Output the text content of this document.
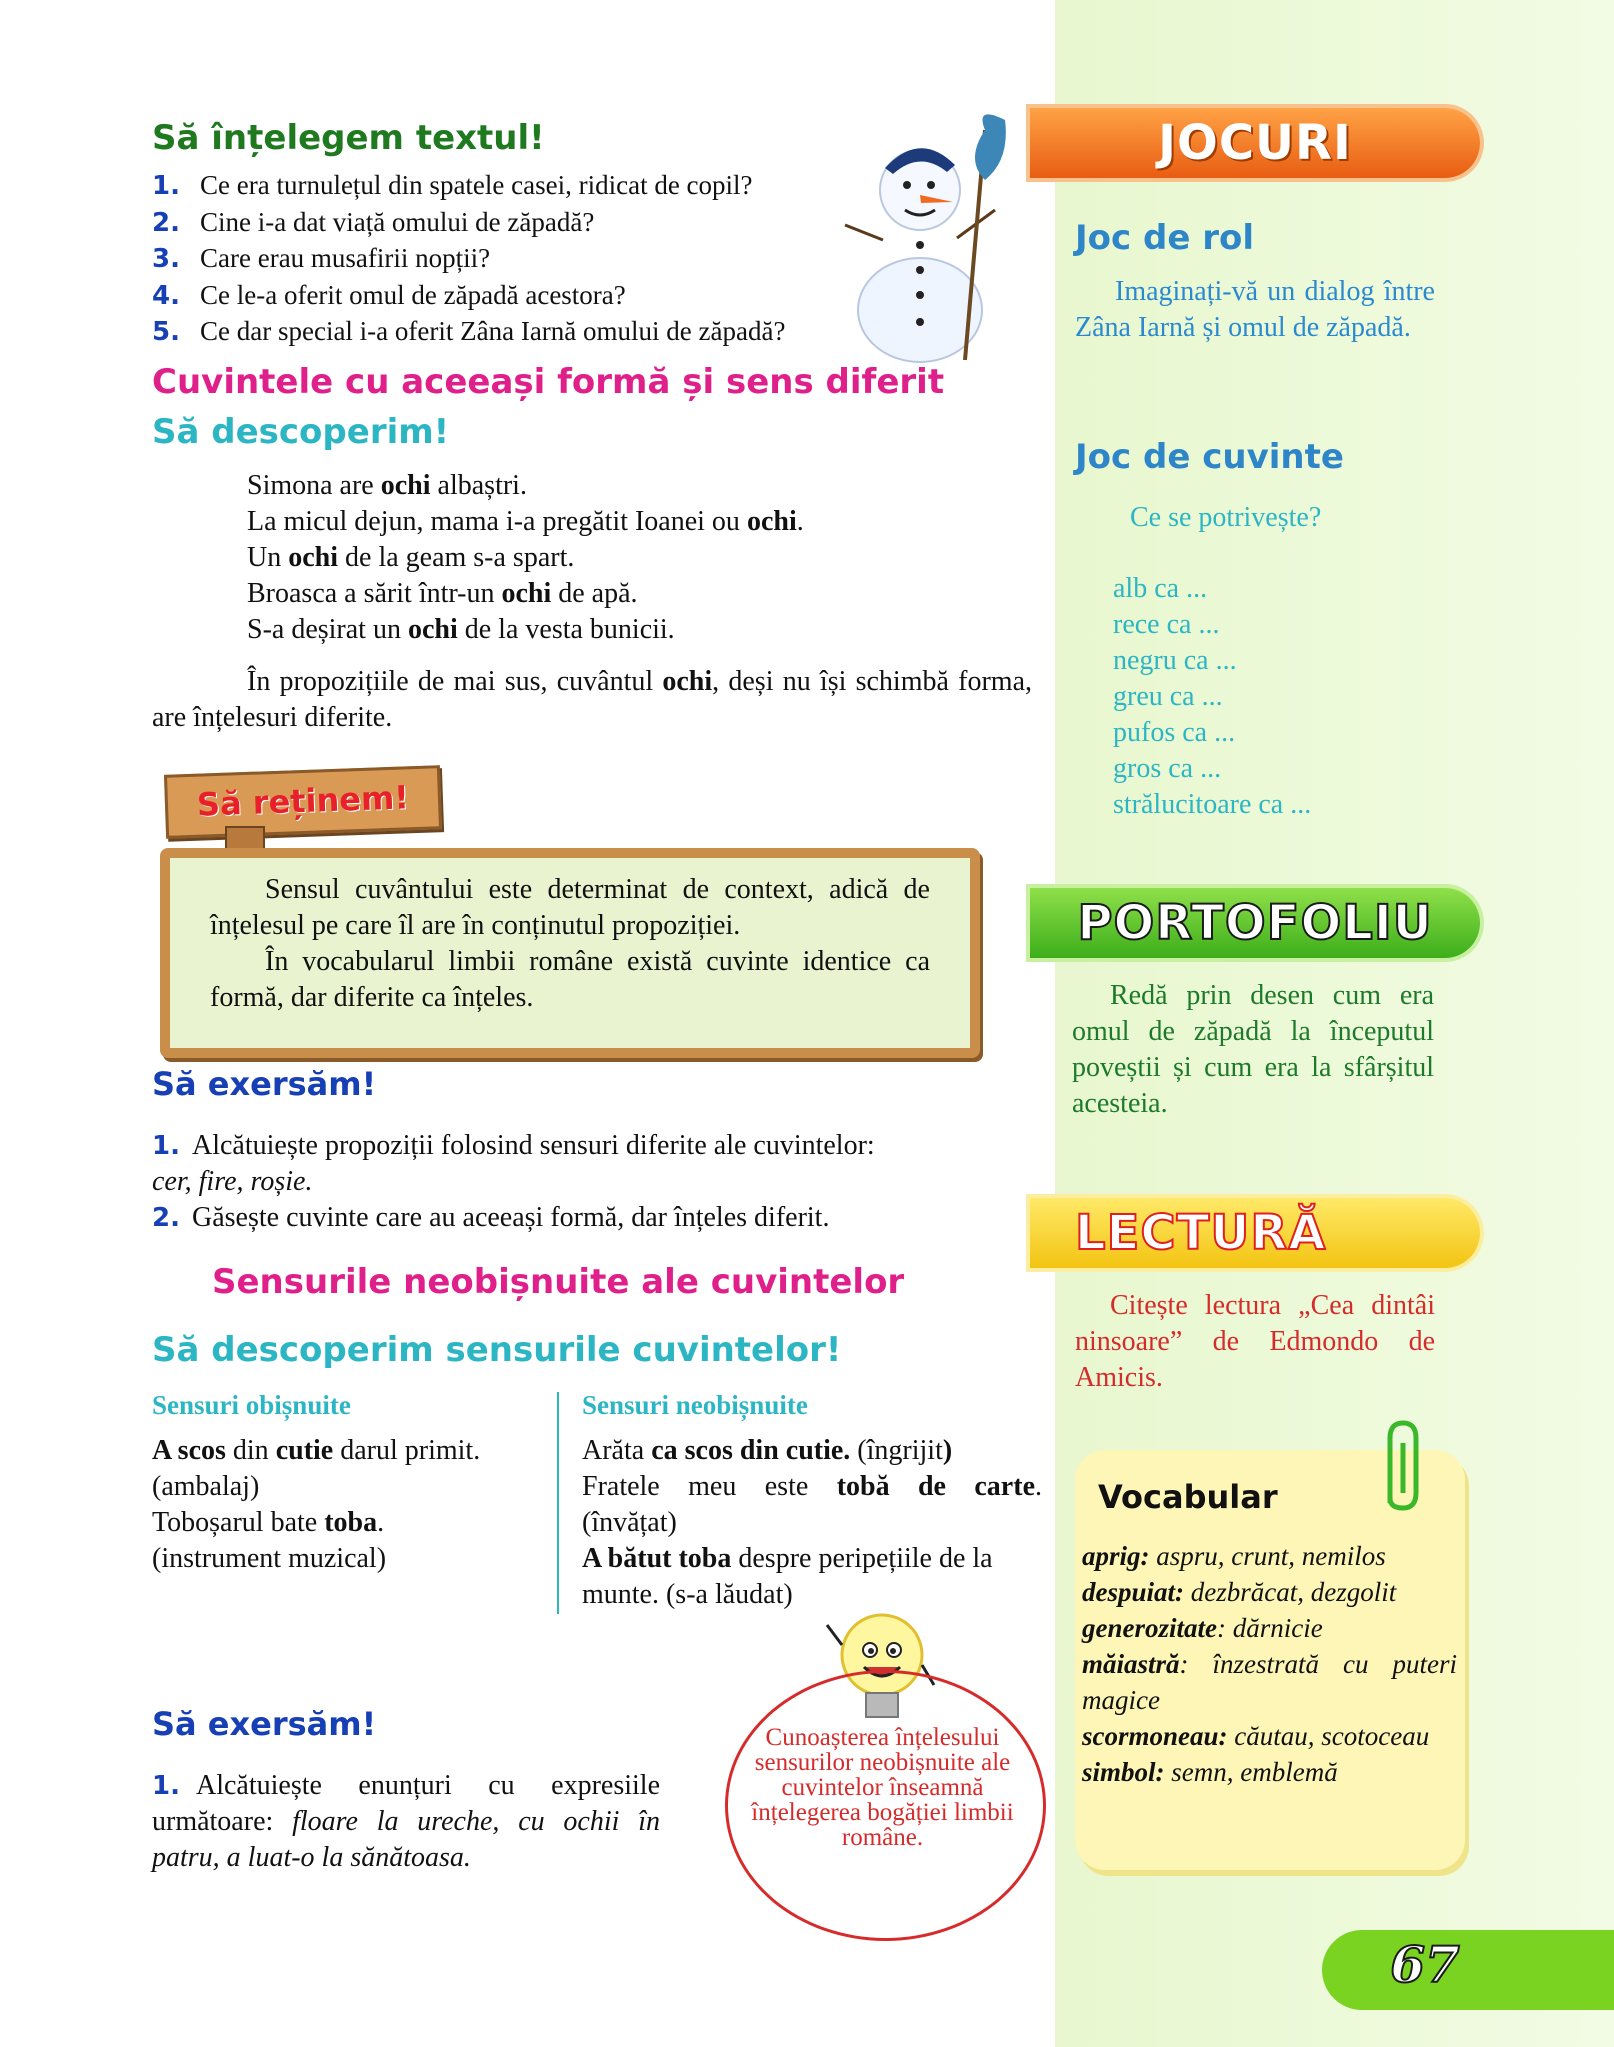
Să înțelegem textul!
1. Ce era turnulețul din spatele casei, ridicat de copil?
2. Cine i-a dat viață omului de zăpadă?
3. Care erau musafirii nopții?
4. Ce le-a oferit omul de zăpadă acestora?
5. Ce dar special i-a oferit Zâna Iarnă omului de zăpadă?
Cuvintele cu aceeași formă și sens diferit
Să descoperim!
Simona are ochi albaștri.
La micul dejun, mama i-a pregătit Ioanei ou ochi.
Un ochi de la geam s-a spart.
Broasca a sărit într-un ochi de apă.
S-a deșirat un ochi de la vesta bunicii.
În propozițiile de mai sus, cuvântul ochi, deși nu își schimbă forma, are înțelesuri diferite.
Să reținem!
Sensul cuvântului este determinat de context, adică de înțelesul pe care îl are în conținutul propoziției.
În vocabularul limbii române există cuvinte identice ca formă, dar diferite ca înțeles.
Să exersăm!
1. Alcătuiește propoziții folosind sensuri diferite ale cuvintelor:
cer, fire, roșie.
2. Găsește cuvinte care au aceeași formă, dar înțeles diferit.
Sensurile neobișnuite ale cuvintelor
Să descoperim sensurile cuvintelor!
Sensuri obișnuite	Sensuri neobișnuite
A scos din cutie darul primit.
(ambalaj)
Toboșarul bate toba.
(instrument muzical)
Arăta ca scos din cutie. (îngrijit)
Fratele meu este tobă de carte.
(învățat)
A bătut toba despre peripețiile de la munte. (s-a lăudat)
Să exersăm!
1. Alcătuiește enunțuri cu expresiile următoare: floare la ureche, cu ochii în patru, a luat-o la sănătoasa.
Cunoașterea înțelesului sensurilor neobișnuite ale cuvintelor înseamnă înțelegerea bogăției limbii române.
JOCURI
Joc de rol
Imaginați-vă un dialog între Zâna Iarnă și omul de zăpadă.
Joc de cuvinte
Ce se potrivește?
alb ca ...
rece ca ...
negru ca ...
greu ca ...
pufos ca ...
gros ca ...
strălucitoare ca ...
PORTOFOLIU
Redă prin desen cum era omul de zăpadă la începutul poveștii și cum era la sfârșitul acesteia.
LECTURĂ
Citește lectura „Cea dintâi ninsoare” de Edmondo de Amicis.
Vocabular
aprig: aspru, crunt, nemilos
despuiat: dezbrăcat, dezgolit
generozitate: dărnicie
măiastră: înzestrată cu puteri magice
scormoneau: căutau, scotoceau
simbol: semn, emblemă
67
